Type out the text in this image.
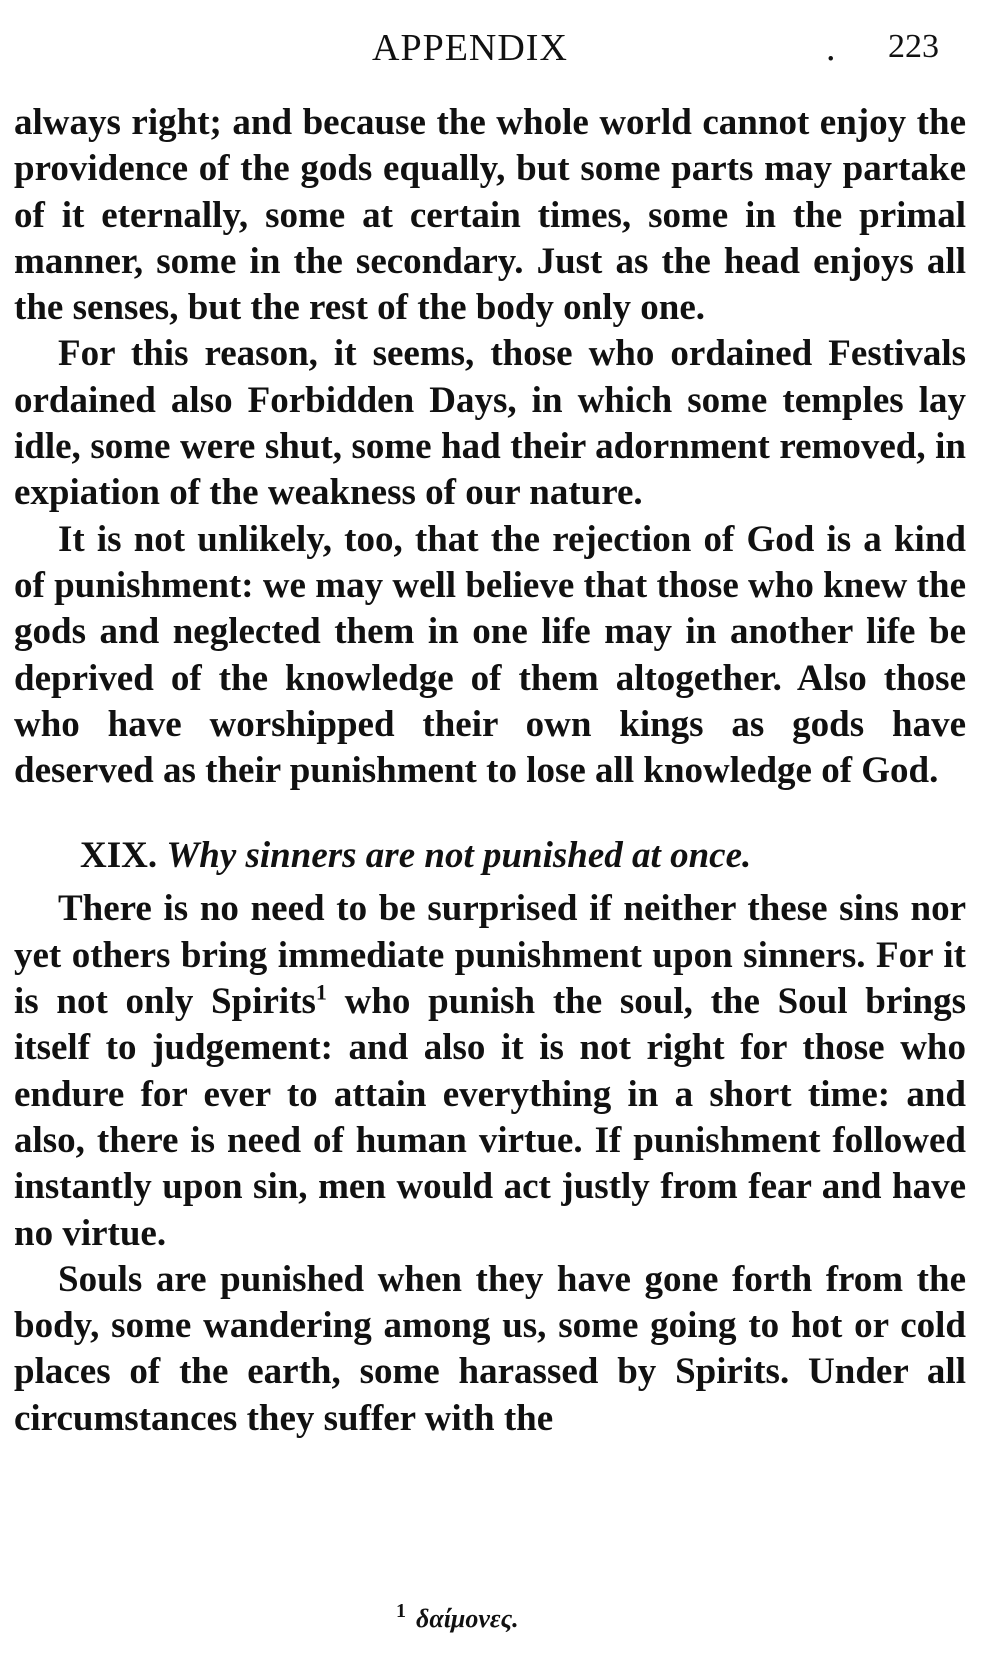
APPENDIX	. 223

always right; and because the whole world cannot enjoy the providence of the gods equally, but some parts may partake of it eternally, some at certain times, some in the primal manner, some in the secondary. Just as the head enjoys all the senses, but the rest of the body only one.

For this reason, it seems, those who ordained Festivals ordained also Forbidden Days, in which some temples lay idle, some were shut, some had their adornment removed, in expiation of the weakness of our nature.

It is not unlikely, too, that the rejection of God is a kind of punishment: we may well believe that those who knew the gods and neglected them in one life may in another life be deprived of the knowledge of them altogether. Also those who have worshipped their own kings as gods have deserved as their punishment to lose all knowledge of God.

XIX. Why sinners are not punished at once.

There is no need to be surprised if neither these sins nor yet others bring immediate punishment upon sinners. For it is not only Spirits$^1$ who punish the soul, the Soul brings itself to judgement: and also it is not right for those who endure for ever to attain everything in a short time: and also, there is need of human virtue. If punishment followed instantly upon sin, men would act justly from fear and have no virtue.

Souls are punished when they have gone forth from the body, some wandering among us, some going to hot or cold places of the earth, some harassed by Spirits. Under all circumstances they suffer with the

$^1$ δαίμονες.
